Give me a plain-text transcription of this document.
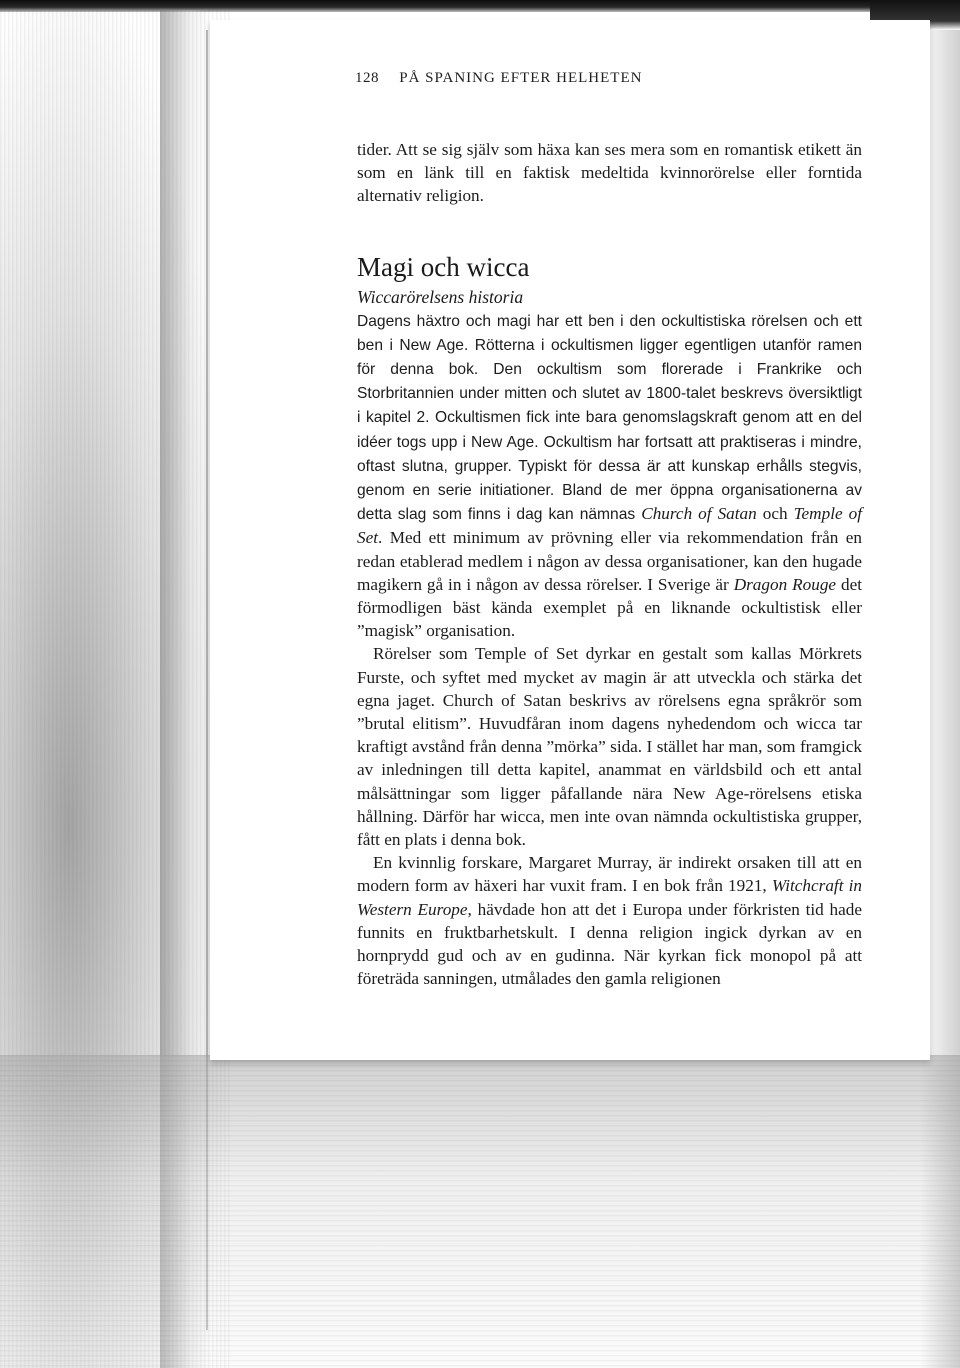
128 PÅ SPANING EFTER HELHETEN

tider. Att se sig själv som häxa kan ses mera som en romantisk etikett än som en länk till en faktisk medeltida kvinnorörelse eller forntida alternativ religion.

Magi och wicca
Wiccarörelsens historia

Dagens häxtro och magi har ett ben i den ockultistiska rörelsen och ett ben i New Age. Rötterna i ockultismen ligger egentligen utanför ramen för denna bok. Den ockultism som florerade i Frankrike och Storbritannien under mitten och slutet av 1800-talet beskrevs översiktligt i kapitel 2. Ockultismen fick inte bara genomslagskraft genom att en del idéer togs upp i New Age. Ockultism har fortsatt att praktiseras i mindre, oftast slutna, grupper. Typiskt för dessa är att kunskap erhålls stegvis, genom en serie initiationer. Bland de mer öppna organisationerna av detta slag som finns i dag kan nämnas Church of Satan och Temple of Set. Med ett minimum av prövning eller via rekommendation från en redan etablerad medlem i någon av dessa organisationer, kan den hugade magikern gå in i någon av dessa rörelser. I Sverige är Dragon Rouge det förmodligen bäst kända exemplet på en liknande ockultistisk eller ”magisk” organisation.

Rörelser som Temple of Set dyrkar en gestalt som kallas Mörkrets Furste, och syftet med mycket av magin är att utveckla och stärka det egna jaget. Church of Satan beskrivs av rörelsens egna språkrör som ”brutal elitism”. Huvudfåran inom dagens nyhedendom och wicca tar kraftigt avstånd från denna ”mörka” sida. I stället har man, som framgick av inledningen till detta kapitel, anammat en världsbild och ett antal målsättningar som ligger påfallande nära New Age-rörelsens etiska hållning. Därför har wicca, men inte ovan nämnda ockultistiska grupper, fått en plats i denna bok.

En kvinnlig forskare, Margaret Murray, är indirekt orsaken till att en modern form av häxeri har vuxit fram. I en bok från 1921, Witchcraft in Western Europe, hävdade hon att det i Europa under förkristen tid hade funnits en fruktbarhetskult. I denna religion ingick dyrkan av en hornprydd gud och av en gudinna. När kyrkan fick monopol på att företräda sanningen, utmålades den gamla religionen
